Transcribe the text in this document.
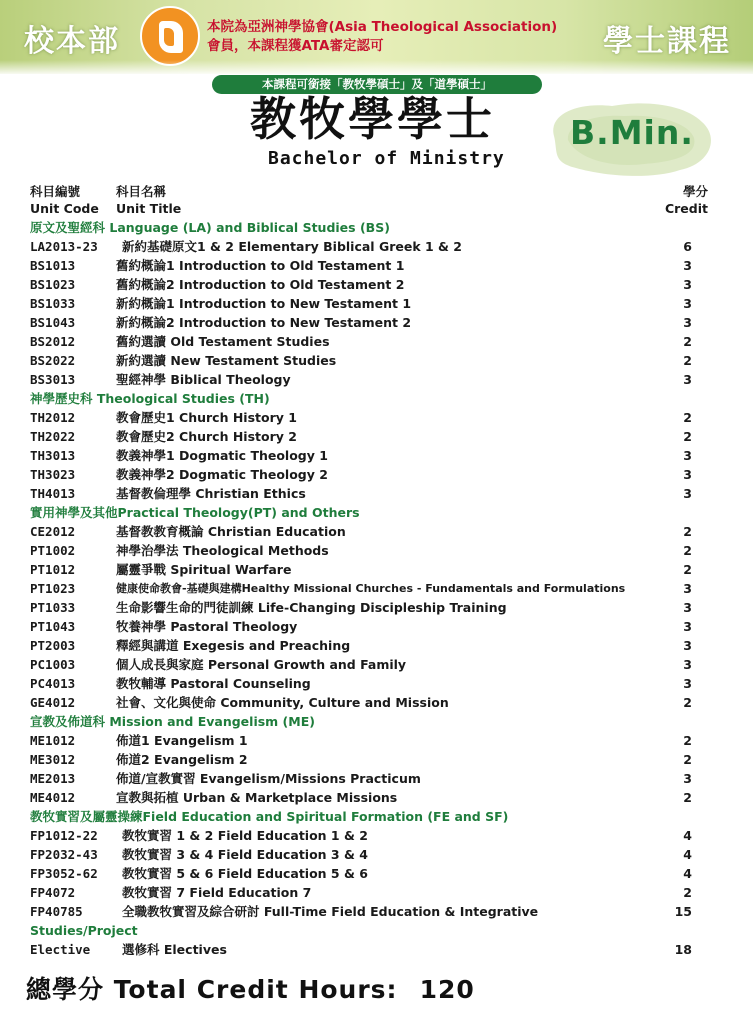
校本部	本院為亞洲神學協會(Asia Theological Association)
會員，本課程獲ATA審定認可	學士課程
本課程可銜接「教牧學碩士」及「道學碩士」
教牧學學士
Bachelor of Ministry
B.Min.
科目編號	科目名稱	學分
Unit Code Unit Title	Credit
原文及聖經科 Language (LA) and Biblical Studies (BS)
LA2013-23 新約基礎原文1 & 2 Elementary Biblical Greek 1 & 2	6
BS1013	舊約概論1 Introduction to Old Testament 1	3
BS1023	舊約概論2 Introduction to Old Testament 2	3
BS1033	新約概論1 Introduction to New Testament 1	3
BS1043	新約概論2 Introduction to New Testament 2	3
BS2012	舊約選讀 Old Testament Studies	2
BS2022	新約選讀 New Testament Studies	2
BS3013	聖經神學 Biblical Theology	3
神學歷史科 Theological Studies (TH)
TH2012	教會歷史1 Church History 1	2
TH2022	教會歷史2 Church History 2	2
TH3013	教義神學1 Dogmatic Theology 1	3
TH3023	教義神學2 Dogmatic Theology 2	3
TH4013	基督教倫理學 Christian Ethics	3
實用神學及其他Practical Theology(PT) and Others
CE2012	基督教教育概論 Christian Education	2
PT1002	神學治學法 Theological Methods	2
PT1012	屬靈爭戰 Spiritual Warfare	2
PT1023	健康使命教會-基礎與建構Healthy Missional Churches - Fundamentals and Formulations	3
PT1033	生命影響生命的門徒訓練 Life-Changing Discipleship Training	3
PT1043	牧養神學 Pastoral Theology	3
PT2003	釋經與講道 Exegesis and Preaching	3
PC1003	個人成長與家庭 Personal Growth and Family	3
PC4013	教牧輔導 Pastoral Counseling	3
GE4012	社會、文化與使命 Community, Culture and Mission	2
宣教及佈道科 Mission and Evangelism (ME)
ME1012	佈道1 Evangelism 1	2
ME3012	佈道2 Evangelism 2	2
ME2013	佈道/宣教實習 Evangelism/Missions Practicum	3
ME4012	宣教與拓植 Urban & Marketplace Missions	2
教牧實習及屬靈操練Field Education and Spiritual Formation (FE and SF)
FP1012-22 教牧實習 1 & 2 Field Education 1 & 2	4
FP2032-43 教牧實習 3 & 4 Field Education 3 & 4	4
FP3052-62 教牧實習 5 & 6 Field Education 5 & 6	4
FP4072	教牧實習 7 Field Education 7	2
FP40785	全職教牧實習及綜合研討 Full-Time Field Education & Integrative	15
Studies/Project
Elective	選修科 Electives	18
總學分 Total Credit Hours: 120
